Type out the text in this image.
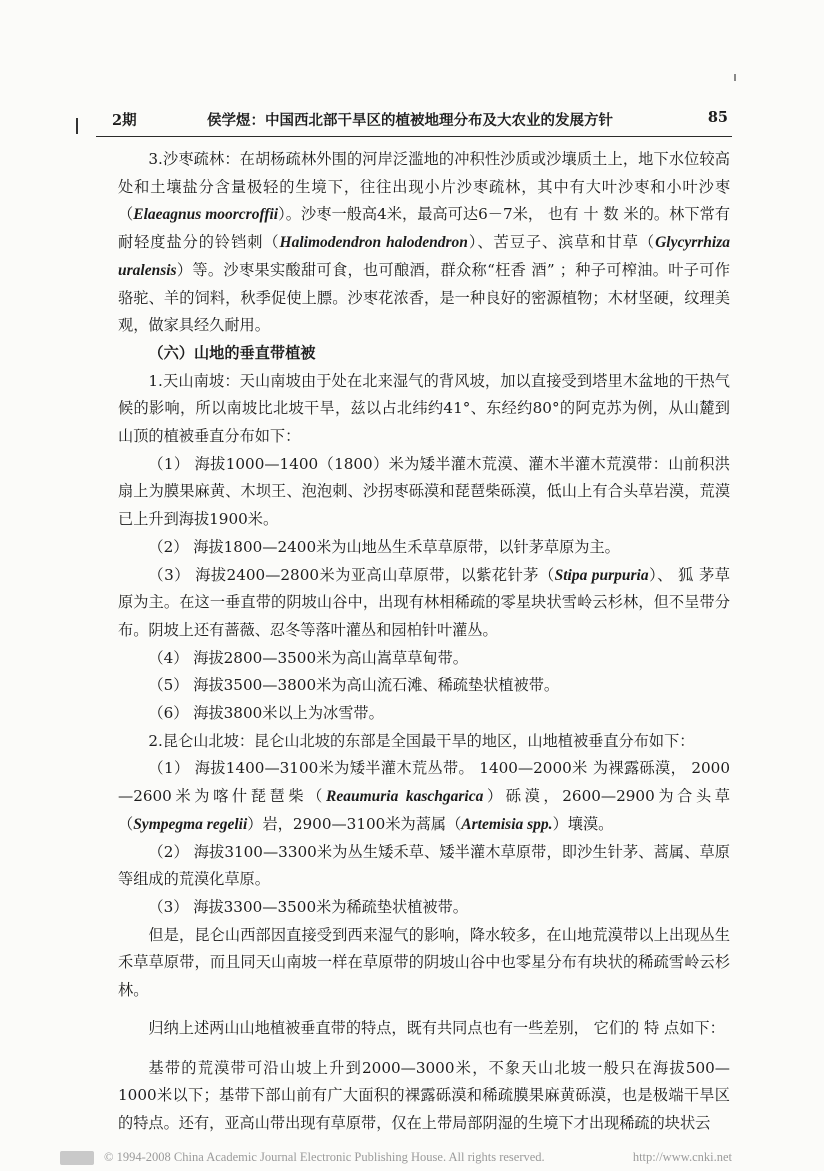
2期	侯学煜：中国西北部干旱区的植被地理分布及大农业的发展方针	85

3.沙枣疏林：在胡杨疏林外围的河岸泛滥地的冲积性沙质或沙壤质土上，地下水位较高处和土壤盐分含量极轻的生境下，往往出现小片沙枣疏林，其中有大叶沙枣和小叶沙枣（Elaeagnus moorcroffii）。沙枣一般高4米，最高可达6－7米， 也有 十 数 米的。林下常有耐轻度盐分的铃铛刺（Halimodendron halodendron）、苦豆子、滨草和甘草（Glycyrrhiza uralensis）等。沙枣果实酸甜可食，也可酿酒，群众称“枉香 酒” ；种子可榨油。叶子可作骆驼、羊的饲料，秋季促使上膘。沙枣花浓香，是一种良好的密源植物；木材坚硬，纹理美观，做家具经久耐用。

（六）山地的垂直带植被

1.天山南坡：天山南坡由于处在北来湿气的背风坡，加以直接受到塔里木盆地的干热气候的影响，所以南坡比北坡干旱，兹以占北纬约41°、东经约80°的阿克苏为例，从山麓到山顶的植被垂直分布如下：

（1） 海拔1000—1400（1800）米为矮半灌木荒漠、灌木半灌木荒漠带：山前积洪扇上为膜果麻黄、木坝王、泡泡刺、沙拐枣砾漠和琵琶柴砾漠，低山上有合头草岩漠，荒漠已上升到海拔1900米。

（2） 海拔1800—2400米为山地丛生禾草草原带，以针茅草原为主。

（3） 海拔2400—2800米为亚高山草原带，以紫花针茅（Stipa purpuria）、 狐 茅草原为主。在这一垂直带的阴坡山谷中，出现有林相稀疏的零星块状雪岭云杉林，但不呈带分布。阴坡上还有蔷薇、忍冬等落叶灌丛和园柏针叶灌丛。

（4） 海拔2800—3500米为高山嵩草草甸带。

（5） 海拔3500—3800米为高山流石滩、稀疏垫状植被带。

（6） 海拔3800米以上为冰雪带。

2.昆仑山北坡：昆仑山北坡的东部是全国最干旱的地区，山地植被垂直分布如下：

（1） 海拔1400—3100米为矮半灌木荒丛带。 1400—2000米 为裸露砾漠， 2000—2600米为喀什琵琶柴（Reaumuria kaschgarica）砾漠，2600—2900为合头草（Sympegma regelii）岩，2900—3100米为蒿属（Artemisia spp.）壤漠。

（2） 海拔3100—3300米为丛生矮禾草、矮半灌木草原带，即沙生针茅、蒿属、草原等组成的荒漠化草原。

（3） 海拔3300—3500米为稀疏垫状植被带。

但是，昆仑山西部因直接受到西来湿气的影响，降水较多，在山地荒漠带以上出现丛生禾草草原带，而且同天山南坡一样在草原带的阴坡山谷中也零星分布有块状的稀疏雪岭云杉林。

归纳上述两山山地植被垂直带的特点，既有共同点也有一些差别， 它们的 特 点如下：

基带的荒漠带可沿山坡上升到2000—3000米，不象天山北坡一般只在海拔500—1000米以下；基带下部山前有广大面积的裸露砾漠和稀疏膜果麻黄砾漠，也是极端干旱区的特点。还有，亚高山带出现有草原带，仅在上带局部阴湿的生境下才出现稀疏的块状云

© 1994-2008 China Academic Journal Electronic Publishing House. All rights reserved.	http://www.cnki.net
